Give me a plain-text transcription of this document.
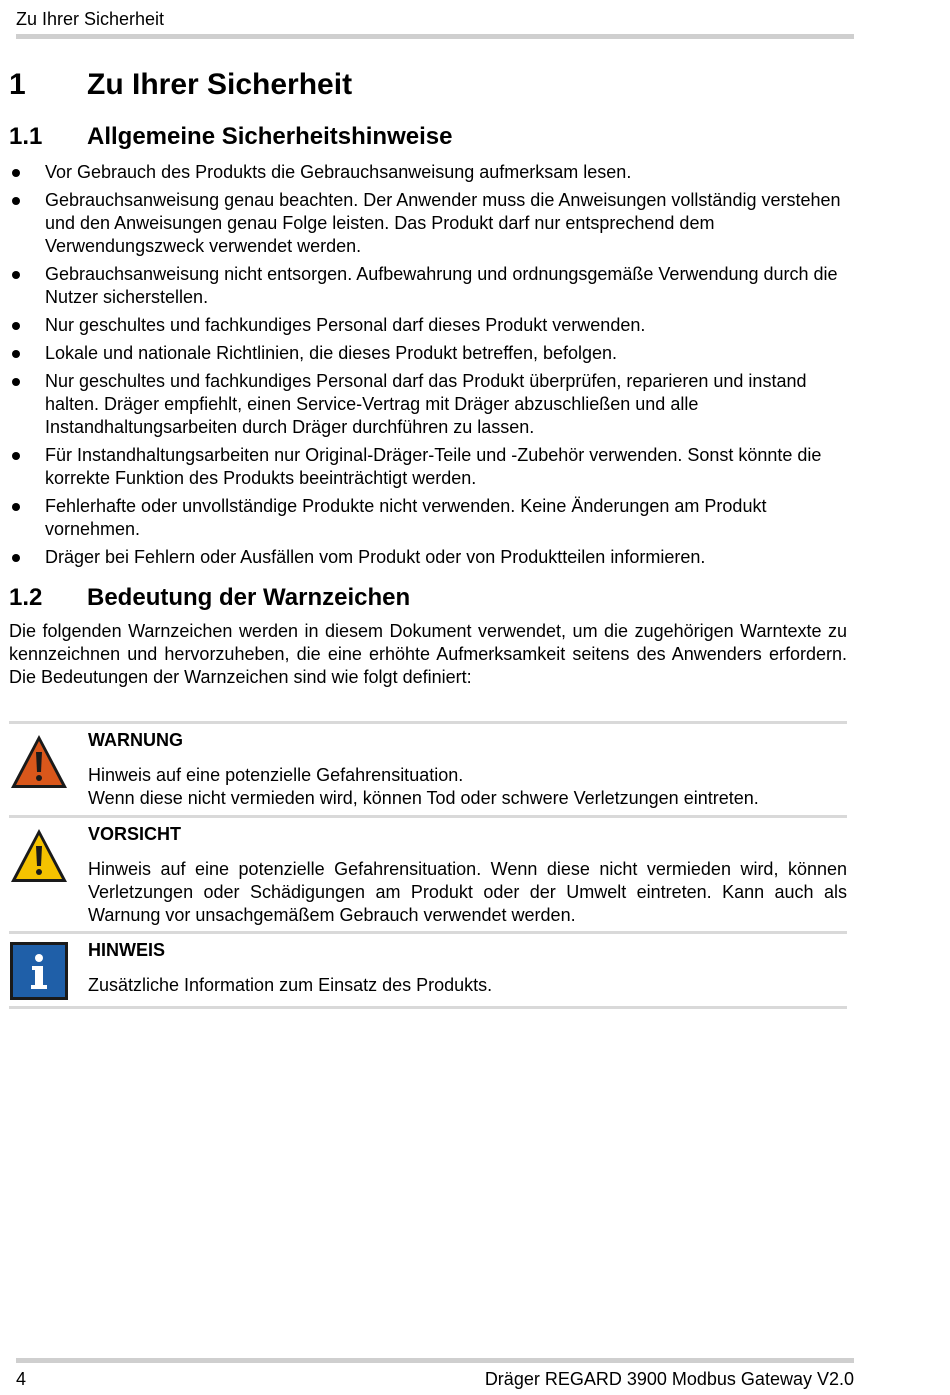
Zu Ihrer Sicherheit
1 Zu Ihrer Sicherheit
1.1 Allgemeine Sicherheitshinweise
Vor Gebrauch des Produkts die Gebrauchsanweisung aufmerksam lesen.
Gebrauchsanweisung genau beachten. Der Anwender muss die Anweisungen vollständig verstehen und den Anweisungen genau Folge leisten. Das Produkt darf nur entsprechend dem Verwendungszweck verwendet werden.
Gebrauchsanweisung nicht entsorgen. Aufbewahrung und ordnungsgemäße Verwendung durch die Nutzer sicherstellen.
Nur geschultes und fachkundiges Personal darf dieses Produkt verwenden.
Lokale und nationale Richtlinien, die dieses Produkt betreffen, befolgen.
Nur geschultes und fachkundiges Personal darf das Produkt überprüfen, reparieren und instand halten. Dräger empfiehlt, einen Service-Vertrag mit Dräger abzuschließen und alle Instandhaltungsarbeiten durch Dräger durchführen zu lassen.
Für Instandhaltungsarbeiten nur Original-Dräger-Teile und -Zubehör verwenden. Sonst könnte die korrekte Funktion des Produkts beeinträchtigt werden.
Fehlerhafte oder unvollständige Produkte nicht verwenden. Keine Änderungen am Produkt vornehmen.
Dräger bei Fehlern oder Ausfällen vom Produkt oder von Produktteilen informieren.
1.2 Bedeutung der Warnzeichen

Die folgenden Warnzeichen werden in diesem Dokument verwendet, um die zugehörigen Warntexte zu kennzeichnen und hervorzuheben, die eine erhöhte Aufmerksamkeit seitens des Anwenders erfordern. Die Bedeutungen der Warnzeichen sind wie folgt definiert:

WARNUNG

Hinweis auf eine potenzielle Gefahrensituation.
Wenn diese nicht vermieden wird, können Tod oder schwere Verletzungen eintreten.

VORSICHT

Hinweis auf eine potenzielle Gefahrensituation. Wenn diese nicht vermieden wird, können Verletzungen oder Schädigungen am Produkt oder der Umwelt eintreten. Kann auch als Warnung vor unsachgemäßem Gebrauch verwendet werden.

HINWEIS

Zusätzliche Information zum Einsatz des Produkts.

4	Dräger REGARD 3900 Modbus Gateway V2.0
